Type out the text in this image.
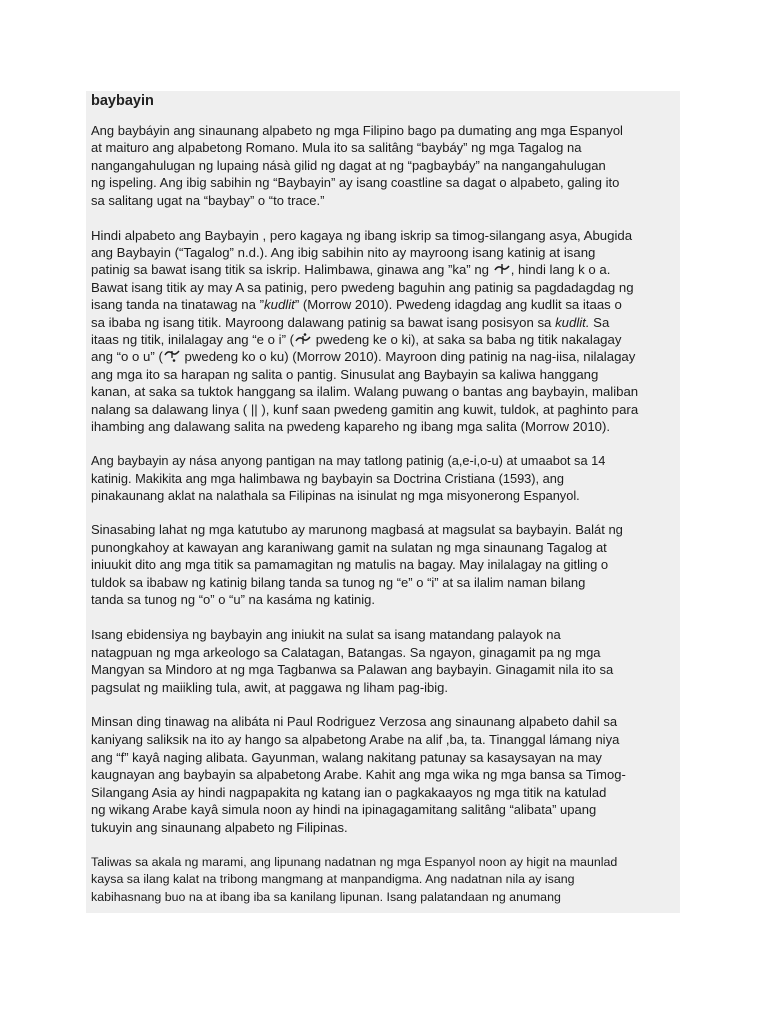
baybayin
Ang baybáyin ang sinaunang alpabeto ng mga Filipino bago pa dumating ang mga Espanyol
at maituro ang alpabetong Romano. Mula ito sa salitâng “baybáy” ng mga Tagalog na
nangangahulugan ng lupaing násà gilid ng dagat at ng “pagbaybáy” na nangangahulugan
ng ispeling. Ang ibig sabihin ng “Baybayin” ay isang coastline sa dagat o alpabeto, galing ito
sa salitang ugat na “baybay” o “to trace.”
Hindi alpabeto ang Baybayin , pero kagaya ng ibang iskrip sa timog-silangang asya, Abugida
ang Baybayin (“Tagalog” n.d.). Ang ibig sabihin nito ay mayroong isang katinig at isang
patinig sa bawat isang titik sa iskrip. Halimbawa, ginawa ang ”ka” ng , hindi lang k o a.
Bawat isang titik ay may A sa patinig, pero pwedeng baguhin ang patinig sa pagdadagdag ng
isang tanda na tinatawag na ”kudlit” (Morrow 2010). Pwedeng idagdag ang kudlit sa itaas o
sa ibaba ng isang titik. Mayroong dalawang patinig sa bawat isang posisyon sa kudlit. Sa
itaas ng titik, inilalagay ang “e o i” ( pwedeng ke o ki), at saka sa baba ng titik nakalagay
ang “o o u” ( pwedeng ko o ku) (Morrow 2010). Mayroon ding patinig na nag-iisa, nilalagay
ang mga ito sa harapan ng salita o pantig. Sinusulat ang Baybayin sa kaliwa hanggang
kanan, at saka sa tuktok hanggang sa ilalim. Walang puwang o bantas ang baybayin, maliban
nalang sa dalawang linya ( || ), kunf saan pwedeng gamitin ang kuwit, tuldok, at paghinto para
ihambing ang dalawang salita na pwedeng kapareho ng ibang mga salita (Morrow 2010).
Ang baybayin ay nása anyong pantigan na may tatlong patinig (a,e-i,o-u) at umaabot sa 14
katinig. Makikita ang mga halimbawa ng baybayin sa Doctrina Cristiana (1593), ang
pinakaunang aklat na nalathala sa Filipinas na isinulat ng mga misyonerong Espanyol.
Sinasabing lahat ng mga katutubo ay marunong magbasá at magsulat sa baybayin. Balát ng
punongkahoy at kawayan ang karaniwang gamit na sulatan ng mga sinaunang Tagalog at
iniuukit dito ang mga titik sa pamamagitan ng matulis na bagay. May inilalagay na gitling o
tuldok sa ibabaw ng katinig bilang tanda sa tunog ng “e” o “i” at sa ilalim naman bilang
tanda sa tunog ng “o” o “u” na kasáma ng katinig.
Isang ebidensiya ng baybayin ang iniukit na sulat sa isang matandang palayok na
natagpuan ng mga arkeologo sa Calatagan, Batangas. Sa ngayon, ginagamit pa ng mga
Mangyan sa Mindoro at ng mga Tagbanwa sa Palawan ang baybayin. Ginagamit nila ito sa
pagsulat ng maiikling tula, awit, at paggawa ng liham pag-ibig.
Minsan ding tinawag na alibáta ni Paul Rodriguez Verzosa ang sinaunang alpabeto dahil sa
kaniyang saliksik na ito ay hango sa alpabetong Arabe na alif ,ba, ta. Tinanggal lámang niya
ang “f” kayâ naging alibata. Gayunman, walang nakitang patunay sa kasaysayan na may
kaugnayan ang baybayin sa alpabetong Arabe. Kahit ang mga wika ng mga bansa sa Timog-
Silangang Asia ay hindi nagpapakita ng katang ian o pagkakaayos ng mga titik na katulad
ng wikang Arabe kayâ simula noon ay hindi na ipinagagamitang salitâng “alibata” upang
tukuyin ang sinaunang alpabeto ng Filipinas.
Taliwas sa akala ng marami, ang lipunang nadatnan ng mga Espanyol noon ay higit na maunlad
kaysa sa ilang kalat na tribong mangmang at manpandigma. Ang nadatnan nila ay isang
kabihasnang buo na at ibang iba sa kanilang lipunan. Isang palatandaan ng anumang
